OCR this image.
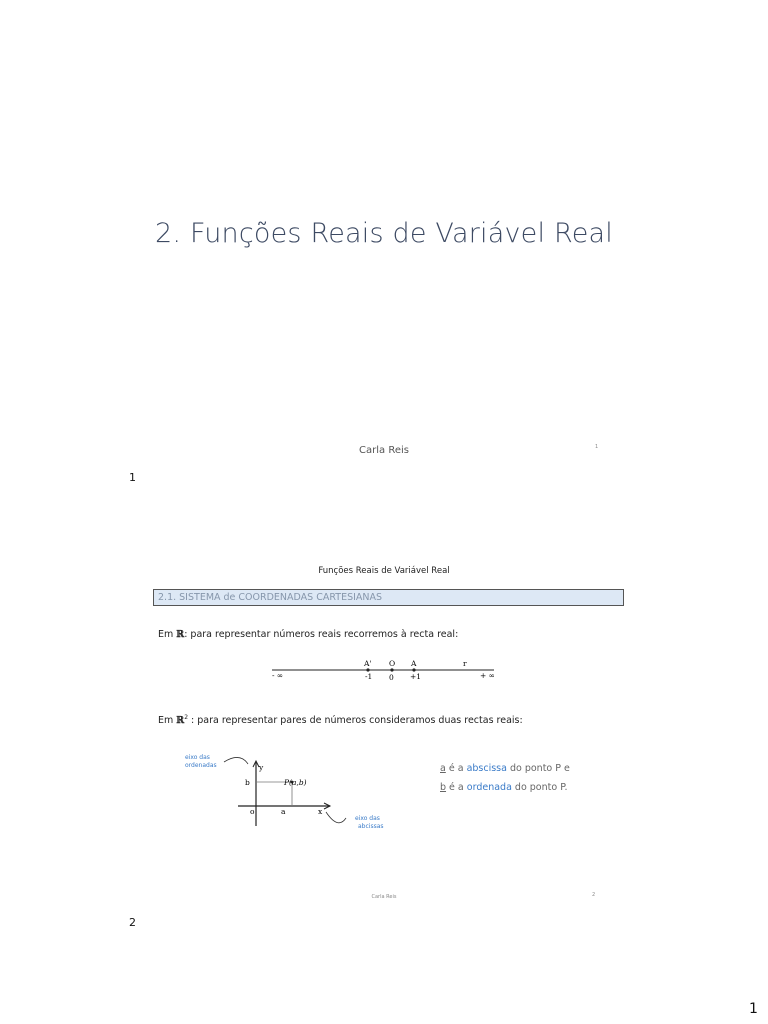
2. Funções Reais de Variável Real
Carla Reis	1
1
Funções Reais de Variável Real
2.1. SISTEMA de COORDENADAS CARTESIANAS
Em ℝ: para representar números reais recorremos à recta real:
- ∞	+ ∞
A' O A	r
-1 0 +1
Em ℝ$^2$ : para representar pares de números consideramos duas rectas reais:
y
b
o	a	x
P(a,b)
eixo das
ordenadas
eixo das
abcissas
a é a abscissa do ponto P e
b é a ordenada do ponto P.
Carla Reis	2
2
1
